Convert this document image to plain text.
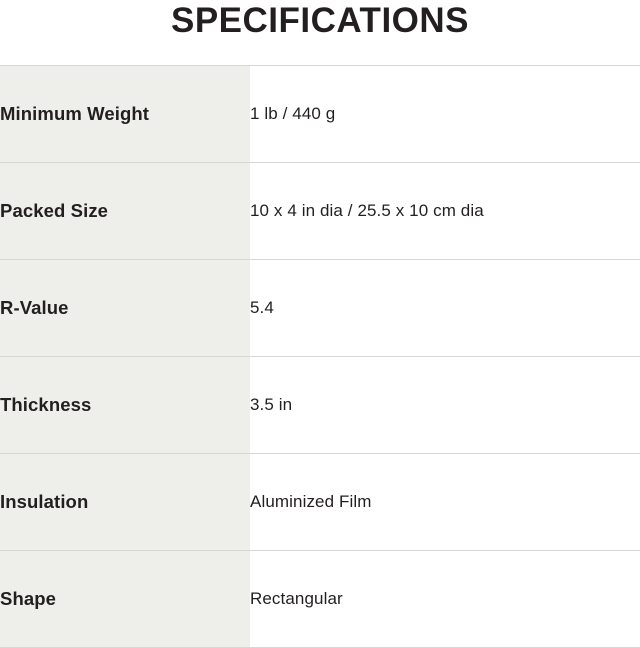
SPECIFICATIONS
Minimum Weight	1 lb / 440 g
Packed Size	10 x 4 in dia / 25.5 x 10 cm dia
R-Value	5.4
Thickness	3.5 in
Insulation	Aluminized Film
Shape	Rectangular
